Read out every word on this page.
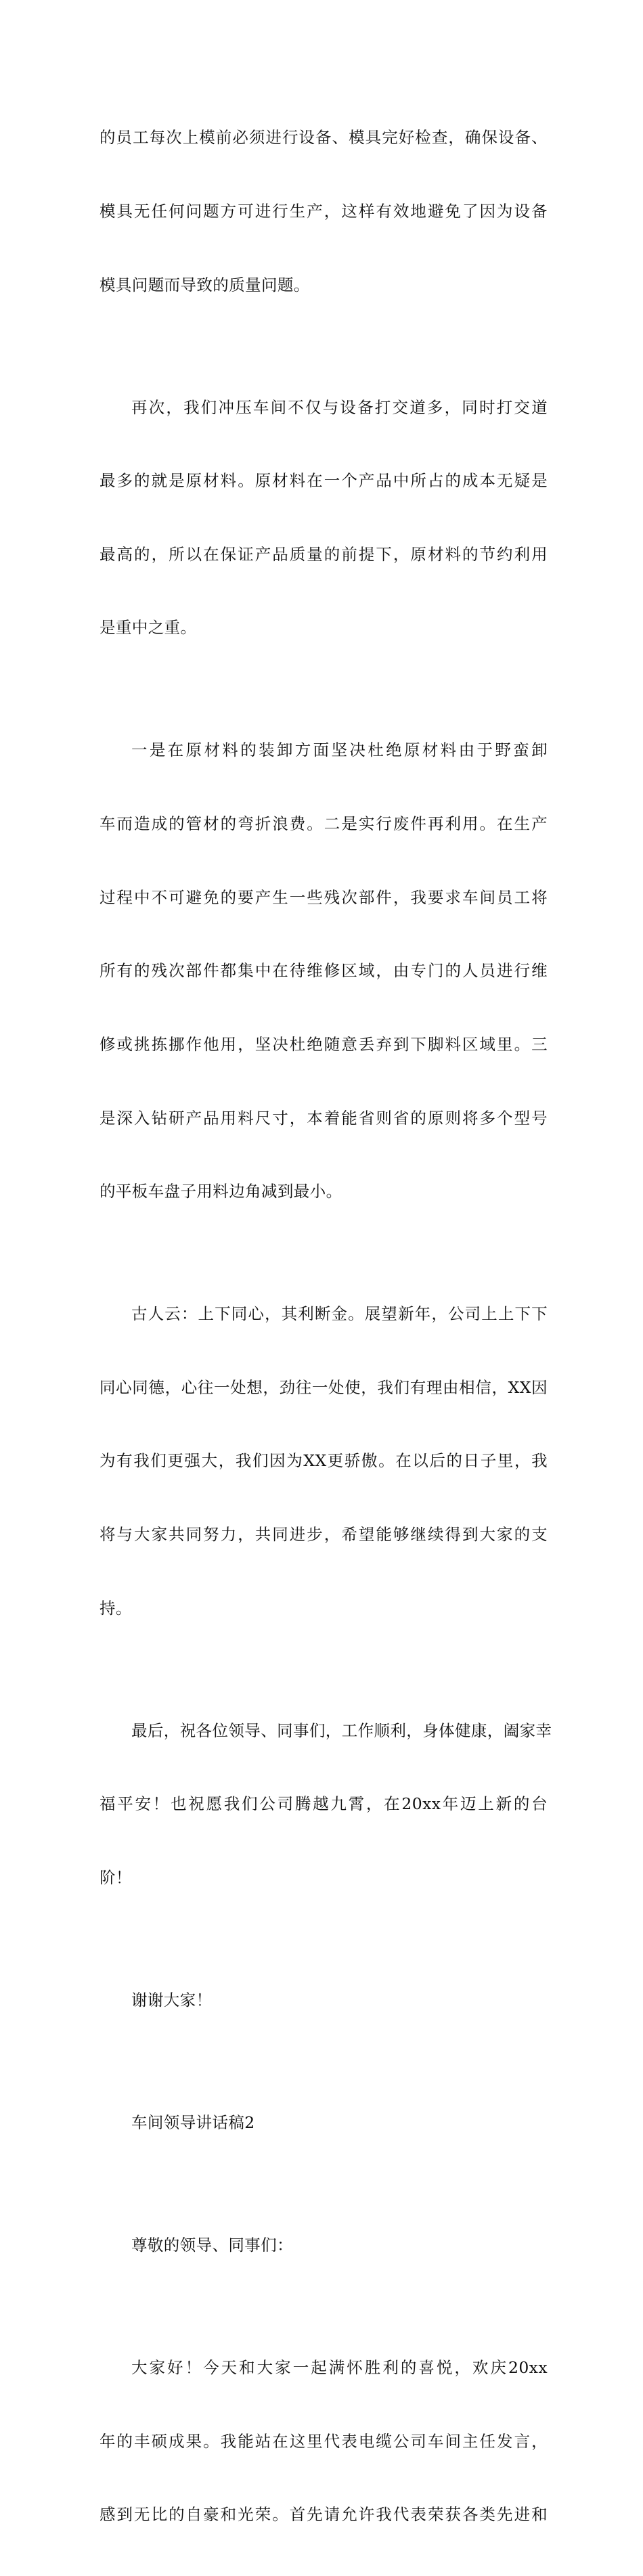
的员工每次上模前必须进行设备、模具完好检查，确保设备、

模具无任何问题方可进行生产，这样有效地避免了因为设备

模具问题而导致的质量问题。

再次，我们冲压车间不仅与设备打交道多，同时打交道

最多的就是原材料。原材料在一个产品中所占的成本无疑是

最高的，所以在保证产品质量的前提下，原材料的节约利用

是重中之重。

一是在原材料的装卸方面坚决杜绝原材料由于野蛮卸

车而造成的管材的弯折浪费。二是实行废件再利用。在生产

过程中不可避免的要产生一些残次部件，我要求车间员工将

所有的残次部件都集中在待维修区域，由专门的人员进行维

修或挑拣挪作他用，坚决杜绝随意丢弃到下脚料区域里。三

是深入钻研产品用料尺寸，本着能省则省的原则将多个型号

的平板车盘子用料边角减到最小。

古人云：上下同心，其利断金。展望新年，公司上上下下

同心同德，心往一处想，劲往一处使，我们有理由相信，XX因

为有我们更强大，我们因为XX更骄傲。在以后的日子里，我

将与大家共同努力，共同进步，希望能够继续得到大家的支

持。

最后，祝各位领导、同事们，工作顺利，身体健康，阖家幸

福平安！也祝愿我们公司腾越九霄，在20xx年迈上新的台

阶！

谢谢大家！

车间领导讲话稿2

尊敬的领导、同事们：

大家好！今天和大家一起满怀胜利的喜悦，欢庆20xx

年的丰硕成果。我能站在这里代表电缆公司车间主任发言，

感到无比的自豪和光荣。首先请允许我代表荣获各类先进和
